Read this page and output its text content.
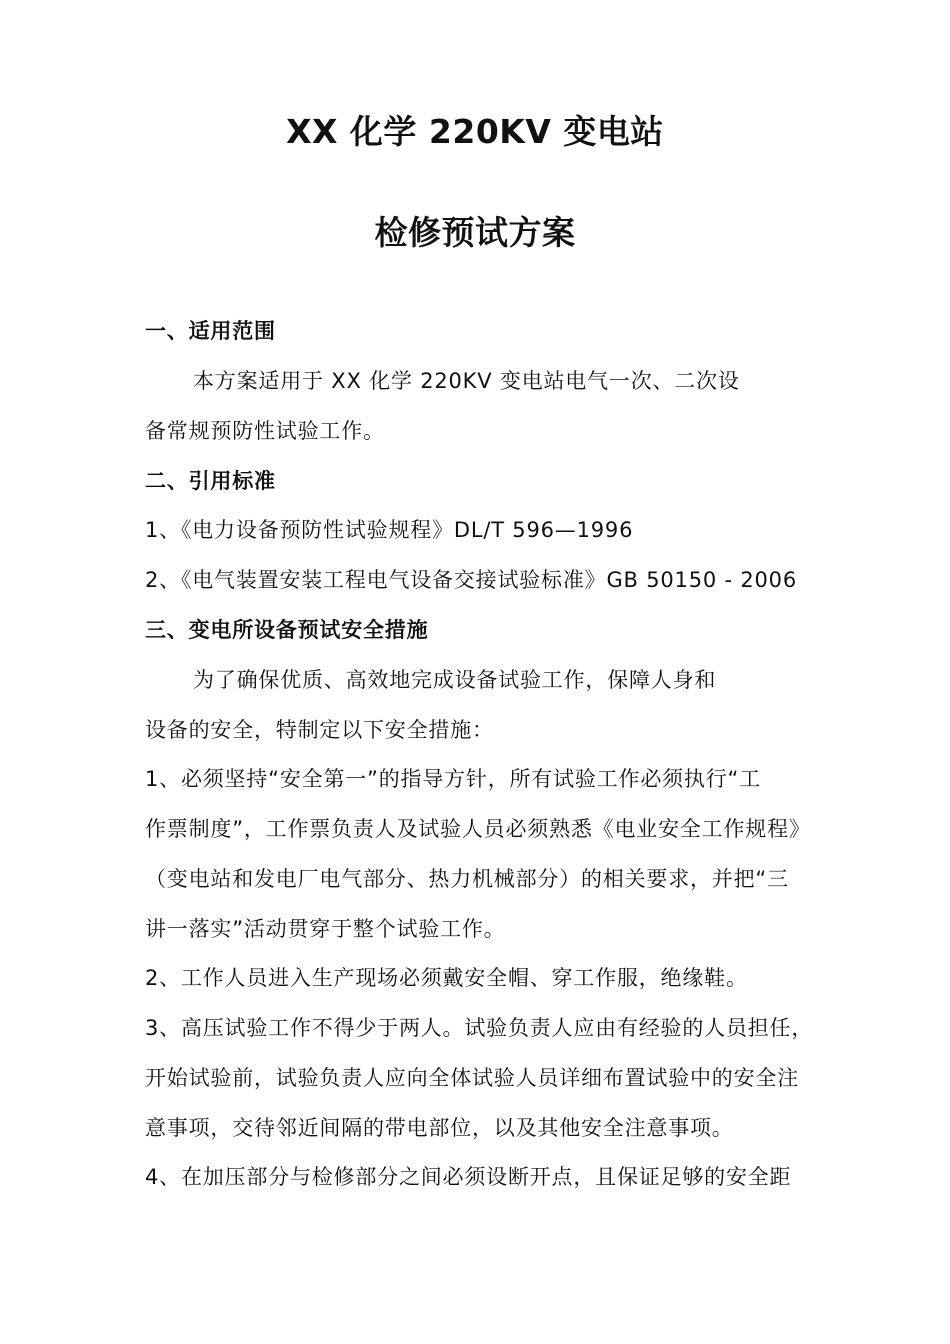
XX 化学 220KV 变电站
检修预试方案
一、适用范围
本方案适用于 XX 化学 220KV 变电站电气一次、二次设
备常规预防性试验工作。
二、引用标准
1、《电力设备预防性试验规程》DL/T 596—1996
2、《电气装置安装工程电气设备交接试验标准》GB 50150 - 2006
三、变电所设备预试安全措施
为了确保优质、高效地完成设备试验工作，保障人身和
设备的安全，特制定以下安全措施：
1、必须坚持“安全第一”的指导方针，所有试验工作必须执行“工
作票制度”，工作票负责人及试验人员必须熟悉《电业安全工作规程》
（变电站和发电厂电气部分、热力机械部分）的相关要求，并把“三
讲一落实”活动贯穿于整个试验工作。
2、工作人员进入生产现场必须戴安全帽、穿工作服，绝缘鞋。
3、高压试验工作不得少于两人。试验负责人应由有经验的人员担任，
开始试验前，试验负责人应向全体试验人员详细布置试验中的安全注
意事项，交待邻近间隔的带电部位，以及其他安全注意事项。
4、在加压部分与检修部分之间必须设断开点，且保证足够的安全距
